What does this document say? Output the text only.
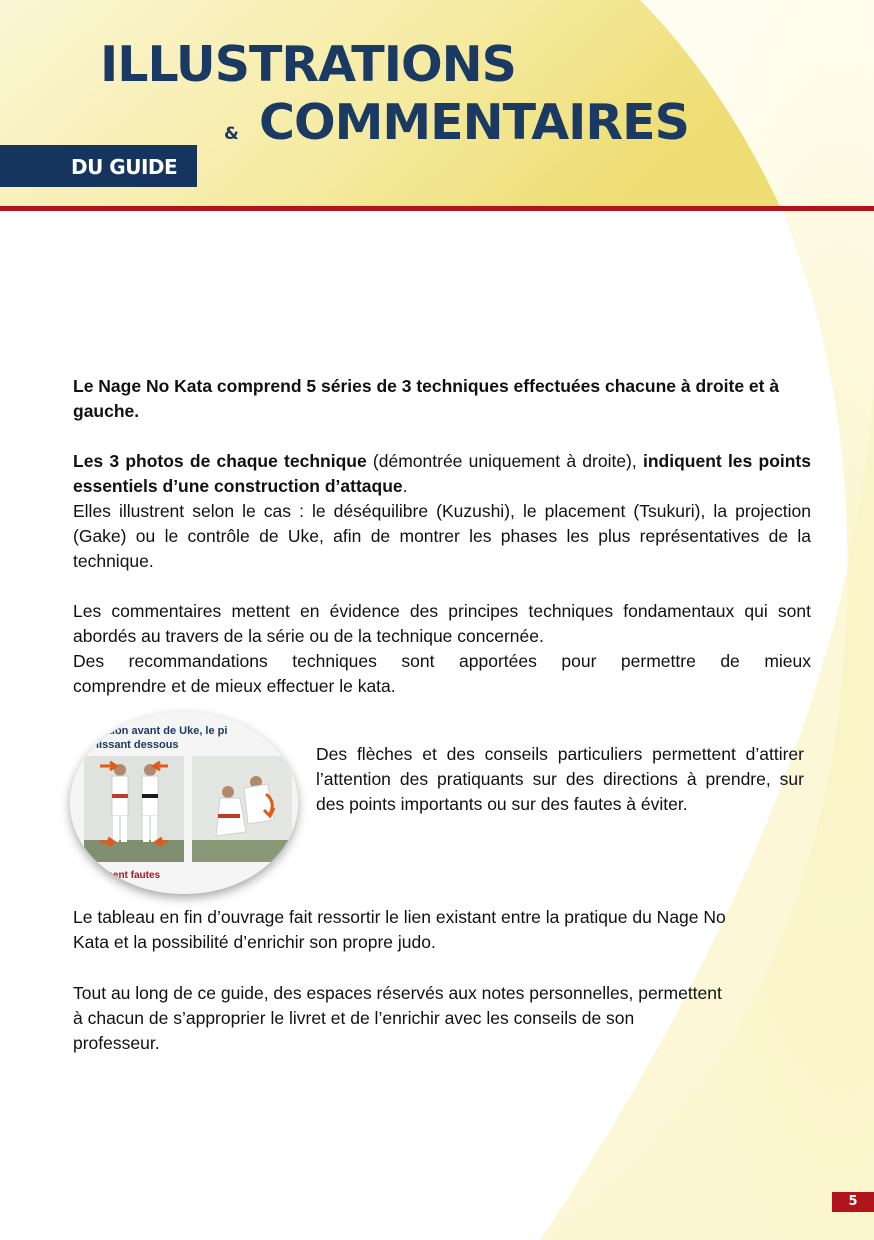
ILLUSTRATIONS
& COMMENTAIRES
DU GUIDE
Le Nage No Kata comprend 5 séries de 3 techniques effectuées chacune à droite et à gauche.
Les 3 photos de chaque technique (démontrée uniquement à droite), indiquent les points essentiels d’une construction d’attaque.
Elles illustrent selon le cas : le déséquilibre (Kuzushi), le placement (Tsukuri), la projection (Gake) ou le contrôle de Uke, afin de montrer les phases les plus représentatives de la technique.
Les commentaires mettent en évidence des principes techniques fondamentaux qui sont abordés au travers de la série ou de la technique concernée.
Des recommandations techniques sont apportées pour permettre de mieux
comprendre et de mieux effectuer le kata.
ection avant de Uke, le pi
lissant dessous
ment fautes
Des flèches et des conseils particuliers permettent d’attirer l’attention des pratiquants sur des directions à prendre, sur des points importants ou sur des fautes à éviter.
Le tableau en fin d’ouvrage fait ressortir le lien existant entre la pratique du Nage No Kata et la possibilité d’enrichir son propre judo.
Tout au long de ce guide, des espaces réservés aux notes personnelles, permettent à chacun de s’approprier le livret et de l’enrichir avec les conseils de son professeur.
5
